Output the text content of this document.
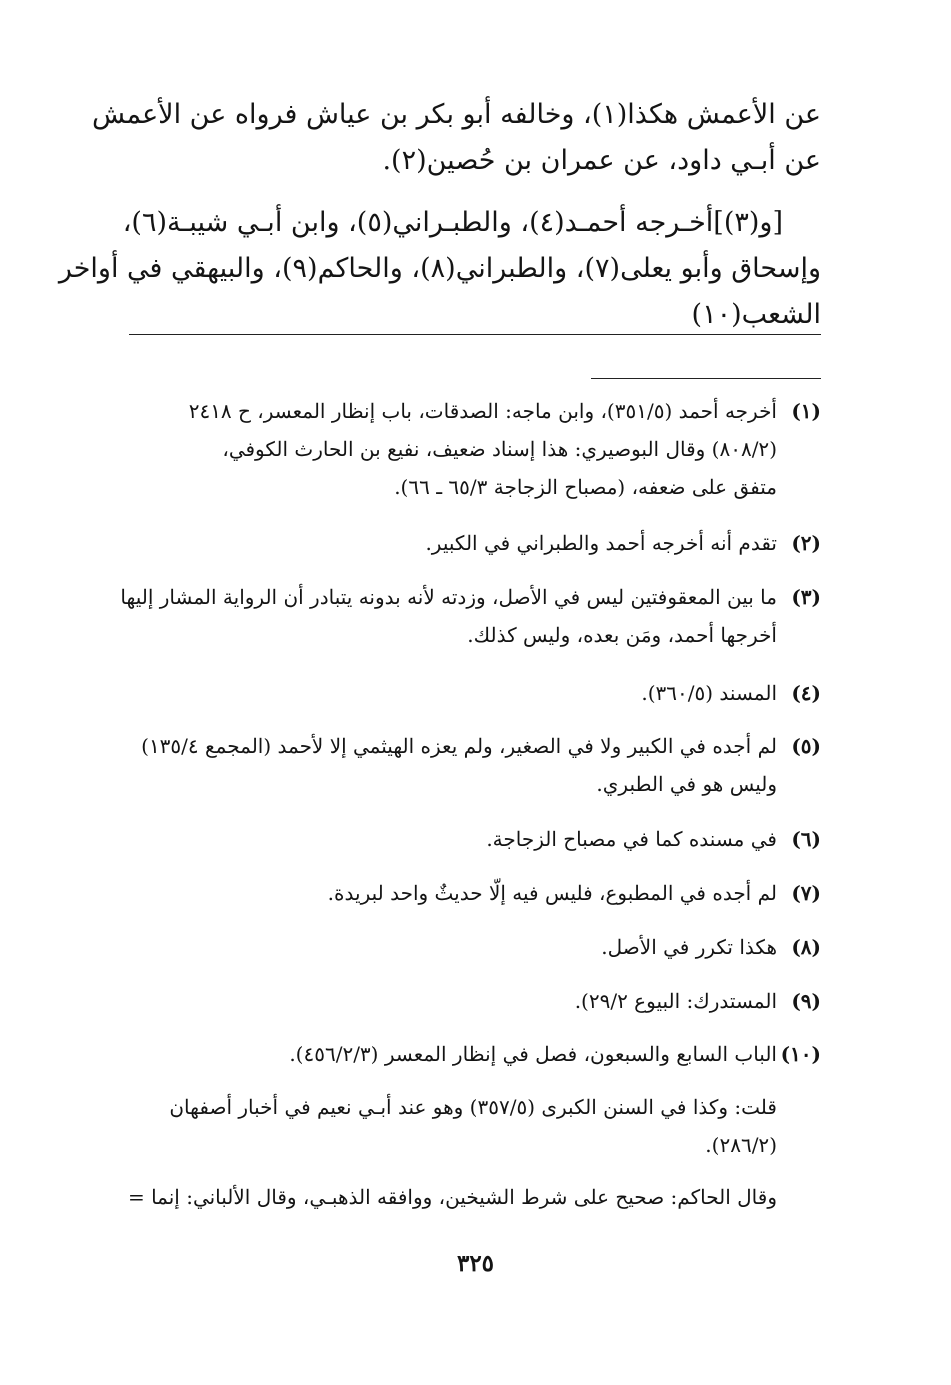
عن الأعمش هكذا(١)، وخالفه أبو بكر بن عياش فرواه عن الأعمش
عن أبـي داود، عن عمران بن حُصين(٢).
[و(٣)]أخـرجه أحمـد(٤)، والطبـراني(٥)، وابن أبـي شيبـة(٦)،
وإسحاق وأبو يعلى(٧)، والطبراني(٨)، والحاكم(٩)، والبيهقي في أواخر
الشعب(١٠)
(١)أخرجه أحمد (٣٥١/٥)، وابن ماجه: الصدقات، باب إنظار المعسر، ح ٢٤١٨
(٨٠٨/٢) وقال البوصيري: هذا إسناد ضعيف، نفيع بن الحارث الكوفي،
متفق على ضعفه، (مصباح الزجاجة ٦٥/٣ ـ ٦٦).
(٢)تقدم أنه أخرجه أحمد والطبراني في الكبير.
(٣)ما بين المعقوفتين ليس في الأصل، وزدته لأنه بدونه يتبادر أن الرواية المشار إليها
أخرجها أحمد، ومَن بعده، وليس كذلك.
(٤)المسند (٣٦٠/٥).
(٥)لم أجده في الكبير ولا في الصغير، ولم يعزه الهيثمي إلا لأحمد (المجمع ١٣٥/٤)
وليس هو في الطبري.
(٦)في مسنده كما في مصباح الزجاجة.
(٧)لم أجده في المطبوع، فليس فيه إلّا حديثٌ واحد لبريدة.
(٨)هكذا تكرر في الأصل.
(٩)المستدرك: البيوع ٢٩/٢).
(١٠)الباب السابع والسبعون، فصل في إنظار المعسر (٤٥٦/٢/٣).
قلت: وكذا في السنن الكبرى (٣٥٧/٥) وهو عند أبـي نعيم في أخبار أصفهان
(٢٨٦/٢).
وقال الحاكم: صحيح على شرط الشيخين، ووافقه الذهبـي، وقال الألباني: إنما =
٣٢٥
